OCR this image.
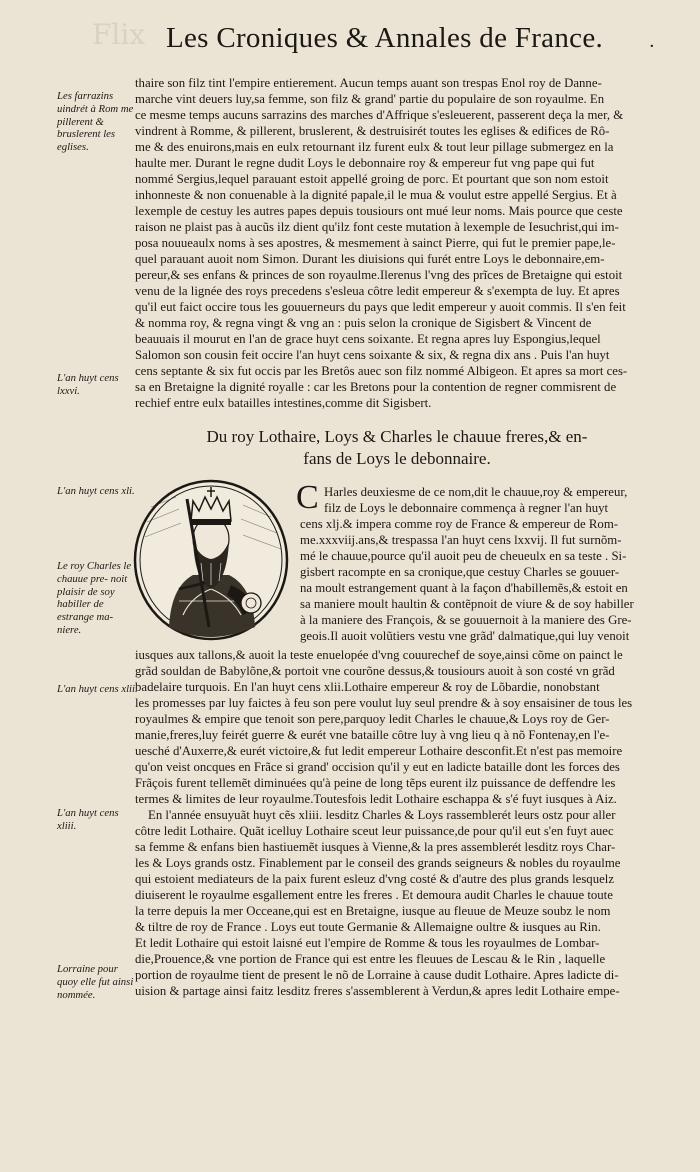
Flix Les Croniques & Annales de France.	·

Les farrazins uindrét à Rom me pillerent & bruslerent les eglises.

L'an huyt cens lxxvi.

L'an huyt cens xli.

Le roy Charles le chauue pre- noit plaisir de soy habiller de estrange ma- niere.

L'an huyt cens xlii.

L'an huyt cens xliii.

Lorraine pour quoy elle fut ainsi nommée.

thaire son filz tint l'empire entierement. Aucun temps auant son trespas Enol roy de Danne-

marche vint deuers luy,sa femme, son filz & grand' partie du populaire de son royaulme. En

ce mesme temps aucuns sarrazins des marches d'Affrique s'esleuerent, passerent deça la mer, &

vindrent à Romme, & pillerent, bruslerent, & destruisirét toutes les eglises & edifices de Rô-

me & des enuirons,mais en eulx retournant ilz furent eulx & tout leur pillage submergez en la

haulte mer. Durant le regne dudit Loys le debonnaire roy & empereur fut vng pape qui fut

nommé Sergius,lequel parauant estoit appellé groing de porc. Et pourtant que son nom estoit

inhonneste & non conuenable à la dignité papale,il le mua & voulut estre appellé Sergius. Et à

lexemple de cestuy les autres papes depuis tousiours ont mué leur noms. Mais pource que ceste

raison ne plaist pas à aucũs ilz dient qu'ilz font ceste mutation à lexemple de Iesuchrist,qui im-

posa nouueaulx noms à ses apostres, & mesmement à sainct Pierre, qui fut le premier pape,le-

quel parauant auoit nom Simon. Durant les diuisions qui furét entre Loys le debonnaire,em-

pereur,& ses enfans & princes de son royaulme.Ilerenus l'vng des prĩces de Bretaigne qui estoit

venu de la lignée des roys precedens s'esleua côtre ledit empereur & s'exempta de luy. Et apres

qu'il eut faict occire tous les gouuerneurs du pays que ledit empereur y auoit commis. Il s'en feit

& nomma roy, & regna vingt & vng an : puis selon la cronique de Sigisbert & Vincent de

beauuais il mourut en l'an de grace huyt cens soixante. Et regna apres luy Espongius,lequel

Salomon son cousin feit occire l'an huyt cens soixante & six, & regna dix ans . Puis l'an huyt

cens septante & six fut occis par les Bretôs auec son filz nommé Albigeon. Et apres sa mort ces-

sa en Bretaigne la dignité royalle : car les Bretons pour la contention de regner commisrent de

rechief entre eulx batailles intestines,comme dit Sigisbert.

Du roy Lothaire, Loys & Charles le chauue freres,& en-
fans de Loys le debonnaire.
C Harles deuxiesme de ce nom,dit le chauue,roy & empereur,

filz de Loys le debonnaire commença à regner l'an huyt

cens xlj.& impera comme roy de France & empereur de Rom-

me.xxxviij.ans,& trespassa l'an huyt cens lxxvij. Il fut surnõm-

mé le chauue,pource qu'il auoit peu de cheueulx en sa teste . Si-

gisbert racompte en sa cronique,que cestuy Charles se gouuer-

na moult estrangement quant à la façon d'habillemẽs,& estoit en

sa maniere moult haultin & contẽpnoit de viure & de soy habiller

à la maniere des François, & se gouuernoit à la maniere des Gre-

geois.Il auoit volũtiers vestu vne grãd' dalmatique,qui luy venoit

iusques aux tallons,& auoit la teste enuelopée d'vng couurechef de soye,ainsi cõme on painct le

grãd souldan de Babylõne,& portoit vne courõne dessus,& tousiours auoit à son costé vn grãd

badelaire turquois. En l'an huyt cens xlii.Lothaire empereur & roy de Lõbardie, nonobstant

les promesses par luy faictes à feu son pere voulut luy seul prendre & à soy ensaisiner de tous les

royaulmes & empire que tenoit son pere,parquoy ledit Charles le chauue,& Loys roy de Ger-

manie,freres,luy feirét guerre & eurét vne bataille côtre luy à vng lieu q à nõ Fontenay,en l'e-

uesché d'Auxerre,& eurét victoire,& fut ledit empereur Lothaire desconfit.Et n'est pas memoire

qu'on veist oncques en Frãce si grand' occision qu'il y eut en ladicte bataille dont les forces des

Frãçois furent tellemẽt diminuées qu'à peine de long tẽps eurent ilz puissance de deffendre les

termes & limites de leur royaulme.Toutesfois ledit Lothaire eschappa & s'é fuyt iusques à Aiz.

En l'année ensuyuãt huyt cẽs xliii. lesditz Charles & Loys rassemblerét leurs ostz pour aller

côtre ledit Lothaire. Quãt icelluy Lothaire sceut leur puissance,de pour qu'il eut s'en fuyt auec

sa femme & enfans bien hastiuemẽt iusques à Vienne,& la pres assemblerét lesditz roys Char-

les & Loys grands ostz. Finablement par le conseil des grands seigneurs & nobles du royaulme

qui estoient mediateurs de la paix furent esleuz d'vng costé & d'autre des plus grands lesquelz

diuiserent le royaulme esgallement entre les freres . Et demoura audit Charles le chauue toute

la terre depuis la mer Occeane,qui est en Bretaigne, iusque au fleuue de Meuze soubz le nom

& tiltre de roy de France . Loys eut toute Germanie & Allemaigne oultre & iusques au Rin.

Et ledit Lothaire qui estoit laisné eut l'empire de Romme & tous les royaulmes de Lombar-

die,Prouence,& vne portion de France qui est entre les fleuues de Lescau & le Rin , laquelle

portion de royaulme tient de present le nõ de Lorraine à cause dudit Lothaire. Apres ladicte di-

uision & partage ainsi faitz lesditz freres s'assemblerent à Verdun,& apres ledit Lothaire empe-
